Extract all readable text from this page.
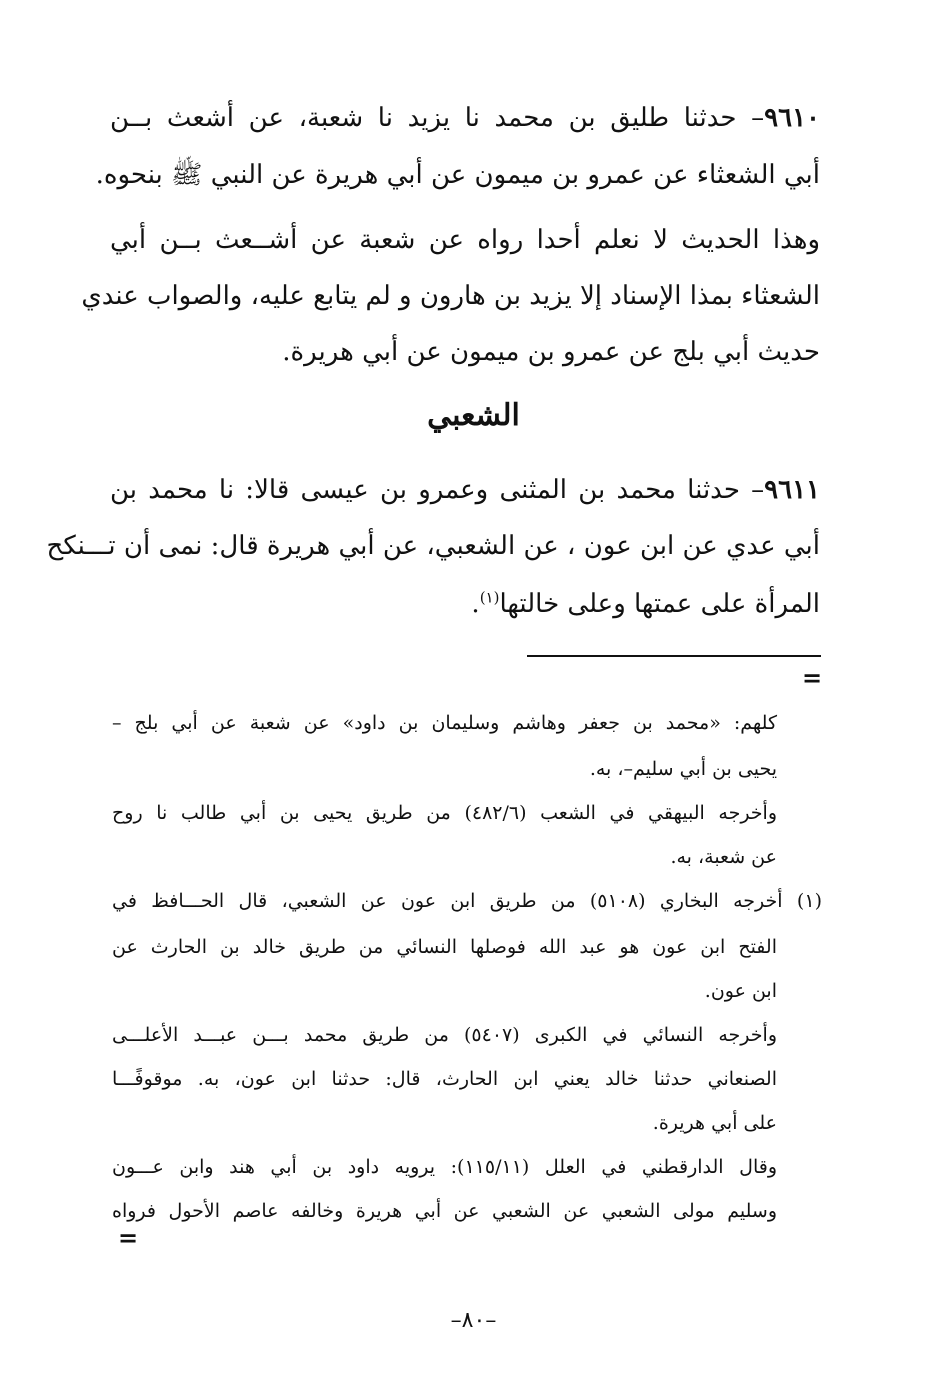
٩٦١٠– حدثنا طليق بن محمد نا يزيد نا شعبة، عن أشعث بــن
أبي الشعثاء عن عمرو بن ميمون عن أبي هريرة عن النبي ﷺ بنحوه.
وهذا الحديث لا نعلم أحدا رواه عن شعبة عن أشــعث بــن أبي
الشعثاء بمذا الإسناد إلا يزيد بن هارون و لم يتابع عليه، والصواب عندي
حديث أبي بلج عن عمرو بن ميمون عن أبي هريرة.
الشعبي
٩٦١١– حدثنا محمد بن المثنى وعمرو بن عيسى قالا: نا محمد بن
أبي عدي عن ابن عون ، عن الشعبي، عن أبي هريرة قال: نمى أن تـــنكح
المرأة على عمتها وعلى خالتها$^{(١)}$.
=
كلهم: «محمد بن جعفر وهاشم وسليمان بن داود» عن شعبة عن أبي بلج –
يحيى بن أبي سليم–، به.
وأخرجه البيهقي في الشعب (٤٨٢/٦) من طريق يحيى بن أبي طالب نا روح
عن شعبة، به.
(١) أخرجه البخاري (٥١٠٨) من طريق ابن عون عن الشعبي، قال الحـــافظ في
الفتح ابن عون هو عبد الله فوصلها النسائي من طريق خالد بن الحارث عن
ابن عون.
وأخرجه النسائي في الكبرى (٥٤٠٧) من طريق محمد بـــن عبـــد الأعلـــى
الصنعاني حدثنا خالد يعني ابن الحارث، قال: حدثنا ابن عون، به. موقوفًـــا
على أبي هريرة.
وقال الدارقطني في العلل (١١٥/١١): يرويه داود بن أبي هند وابن عـــون
وسليم مولى الشعبي عن الشعبي عن أبي هريرة وخالفه عاصم الأحول فرواه
=
–٨٠–
